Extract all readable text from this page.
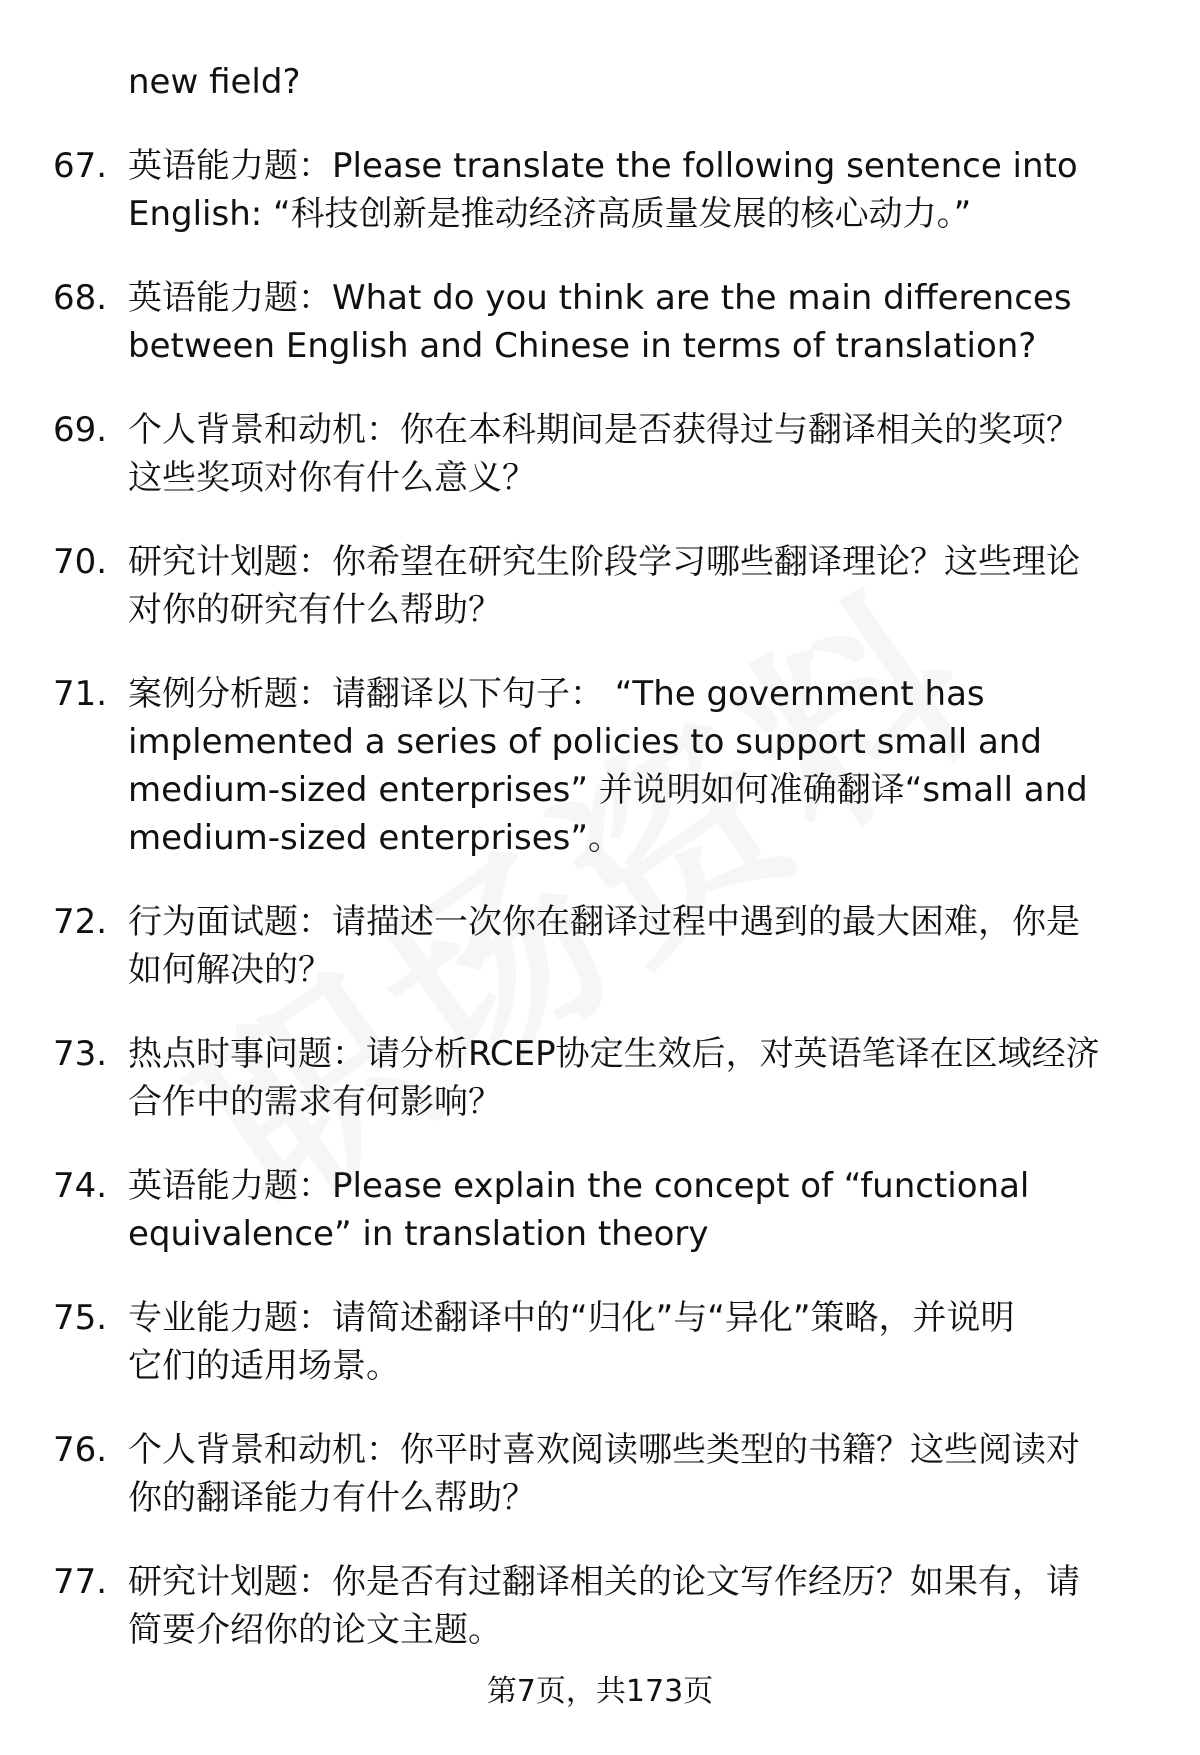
new field?
67. 英语能力题：Please translate the following sentence into
English: “科技创新是推动经济高质量发展的核心动力。”
68. 英语能力题：What do you think are the main differences
between English and Chinese in terms of translation?
69. 个人背景和动机：你在本科期间是否获得过与翻译相关的奖项？
这些奖项对你有什么意义？
70. 研究计划题：你希望在研究生阶段学习哪些翻译理论？这些理论
对你的研究有什么帮助？
71. 案例分析题：请翻译以下句子： “The government has
implemented a series of policies to support small and
medium-sized enterprises” 并说明如何准确翻译“small and
medium-sized enterprises”。
72. 行为面试题：请描述一次你在翻译过程中遇到的最大困难，你是
如何解决的？
73. 热点时事问题：请分析RCEP协定生效后，对英语笔译在区域经济
合作中的需求有何影响？
74. 英语能力题：Please explain the concept of “functional
equivalence” in translation theory
75. 专业能力题：请简述翻译中的“归化”与“异化”策略，并说明
它们的适用场景。
76. 个人背景和动机：你平时喜欢阅读哪些类型的书籍？这些阅读对
你的翻译能力有什么帮助？
77. 研究计划题：你是否有过翻译相关的论文写作经历？如果有，请
简要介绍你的论文主题。
第7页，共173页
